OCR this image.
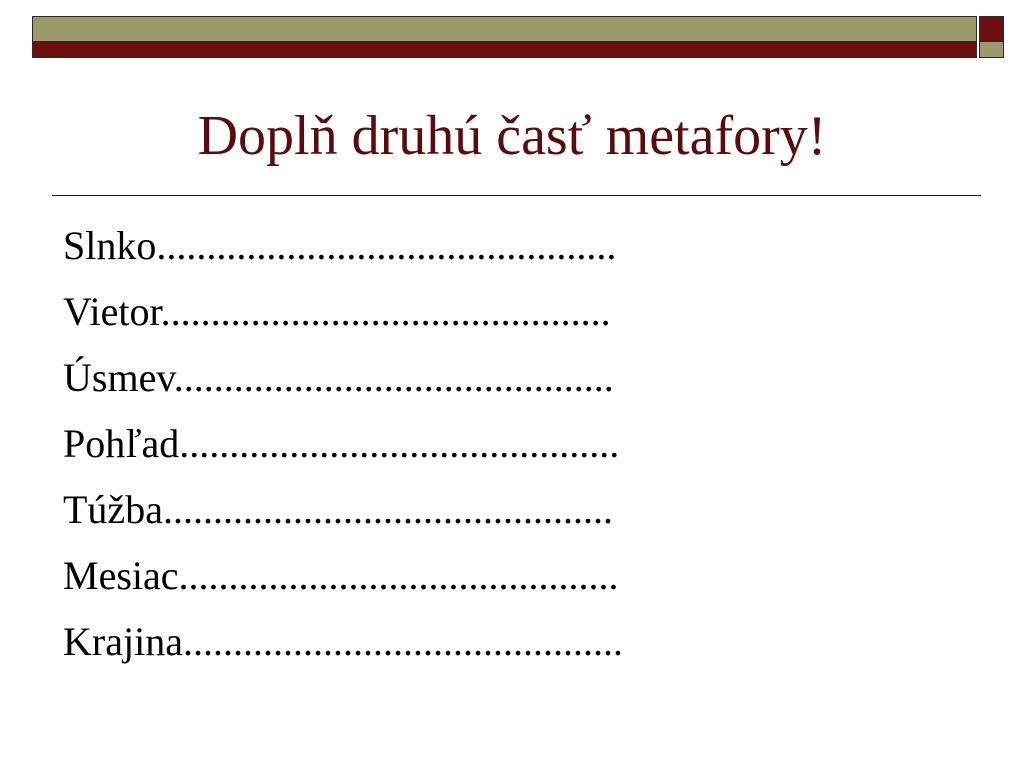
Doplň druhú časť metafory!
Slnko..............................................
Vietor.............................................
Úsmev............................................
Pohľad............................................
Túžba.............................................
Mesiac............................................
Krajina............................................
